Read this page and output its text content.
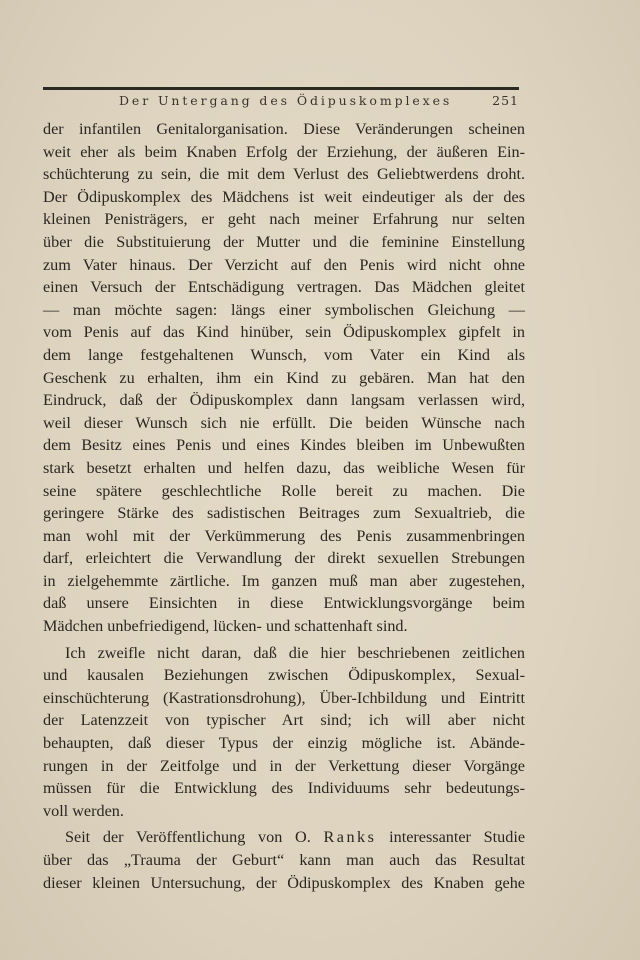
Der Untergang des Ödipuskomplexes	251
der infantilen Genitalorganisation. Diese Veränderungen scheinen
weit eher als beim Knaben Erfolg der Erziehung, der äußeren Ein-
schüchterung zu sein, die mit dem Verlust des Geliebtwerdens droht.
Der Ödipuskomplex des Mädchens ist weit eindeutiger als der des
kleinen Penisträgers, er geht nach meiner Erfahrung nur selten
über die Substituierung der Mutter und die feminine Einstellung
zum Vater hinaus. Der Verzicht auf den Penis wird nicht ohne
einen Versuch der Entschädigung vertragen. Das Mädchen gleitet
— man möchte sagen: längs einer symbolischen Gleichung —
vom Penis auf das Kind hinüber, sein Ödipuskomplex gipfelt in
dem lange festgehaltenen Wunsch, vom Vater ein Kind als
Geschenk zu erhalten, ihm ein Kind zu gebären. Man hat den
Eindruck, daß der Ödipuskomplex dann langsam verlassen wird,
weil dieser Wunsch sich nie erfüllt. Die beiden Wünsche nach
dem Besitz eines Penis und eines Kindes bleiben im Unbewußten
stark besetzt erhalten und helfen dazu, das weibliche Wesen für
seine spätere geschlechtliche Rolle bereit zu machen. Die
geringere Stärke des sadistischen Beitrages zum Sexualtrieb, die
man wohl mit der Verkümmerung des Penis zusammenbringen
darf, erleichtert die Verwandlung der direkt sexuellen Strebungen
in zielgehemmte zärtliche. Im ganzen muß man aber zugestehen,
daß unsere Einsichten in diese Entwicklungsvorgänge beim
Mädchen unbefriedigend, lücken- und schattenhaft sind.
Ich zweifle nicht daran, daß die hier beschriebenen zeitlichen
und kausalen Beziehungen zwischen Ödipuskomplex, Sexual-
einschüchterung (Kastrationsdrohung), Über-Ichbildung und Eintritt
der Latenzzeit von typischer Art sind; ich will aber nicht
behaupten, daß dieser Typus der einzig mögliche ist. Abände-
rungen in der Zeitfolge und in der Verkettung dieser Vorgänge
müssen für die Entwicklung des Individuums sehr bedeutungs-
voll werden.
Seit der Veröffentlichung von O. Ranks interessanter Studie
über das „Trauma der Geburt“ kann man auch das Resultat
dieser kleinen Untersuchung, der Ödipuskomplex des Knaben gehe
